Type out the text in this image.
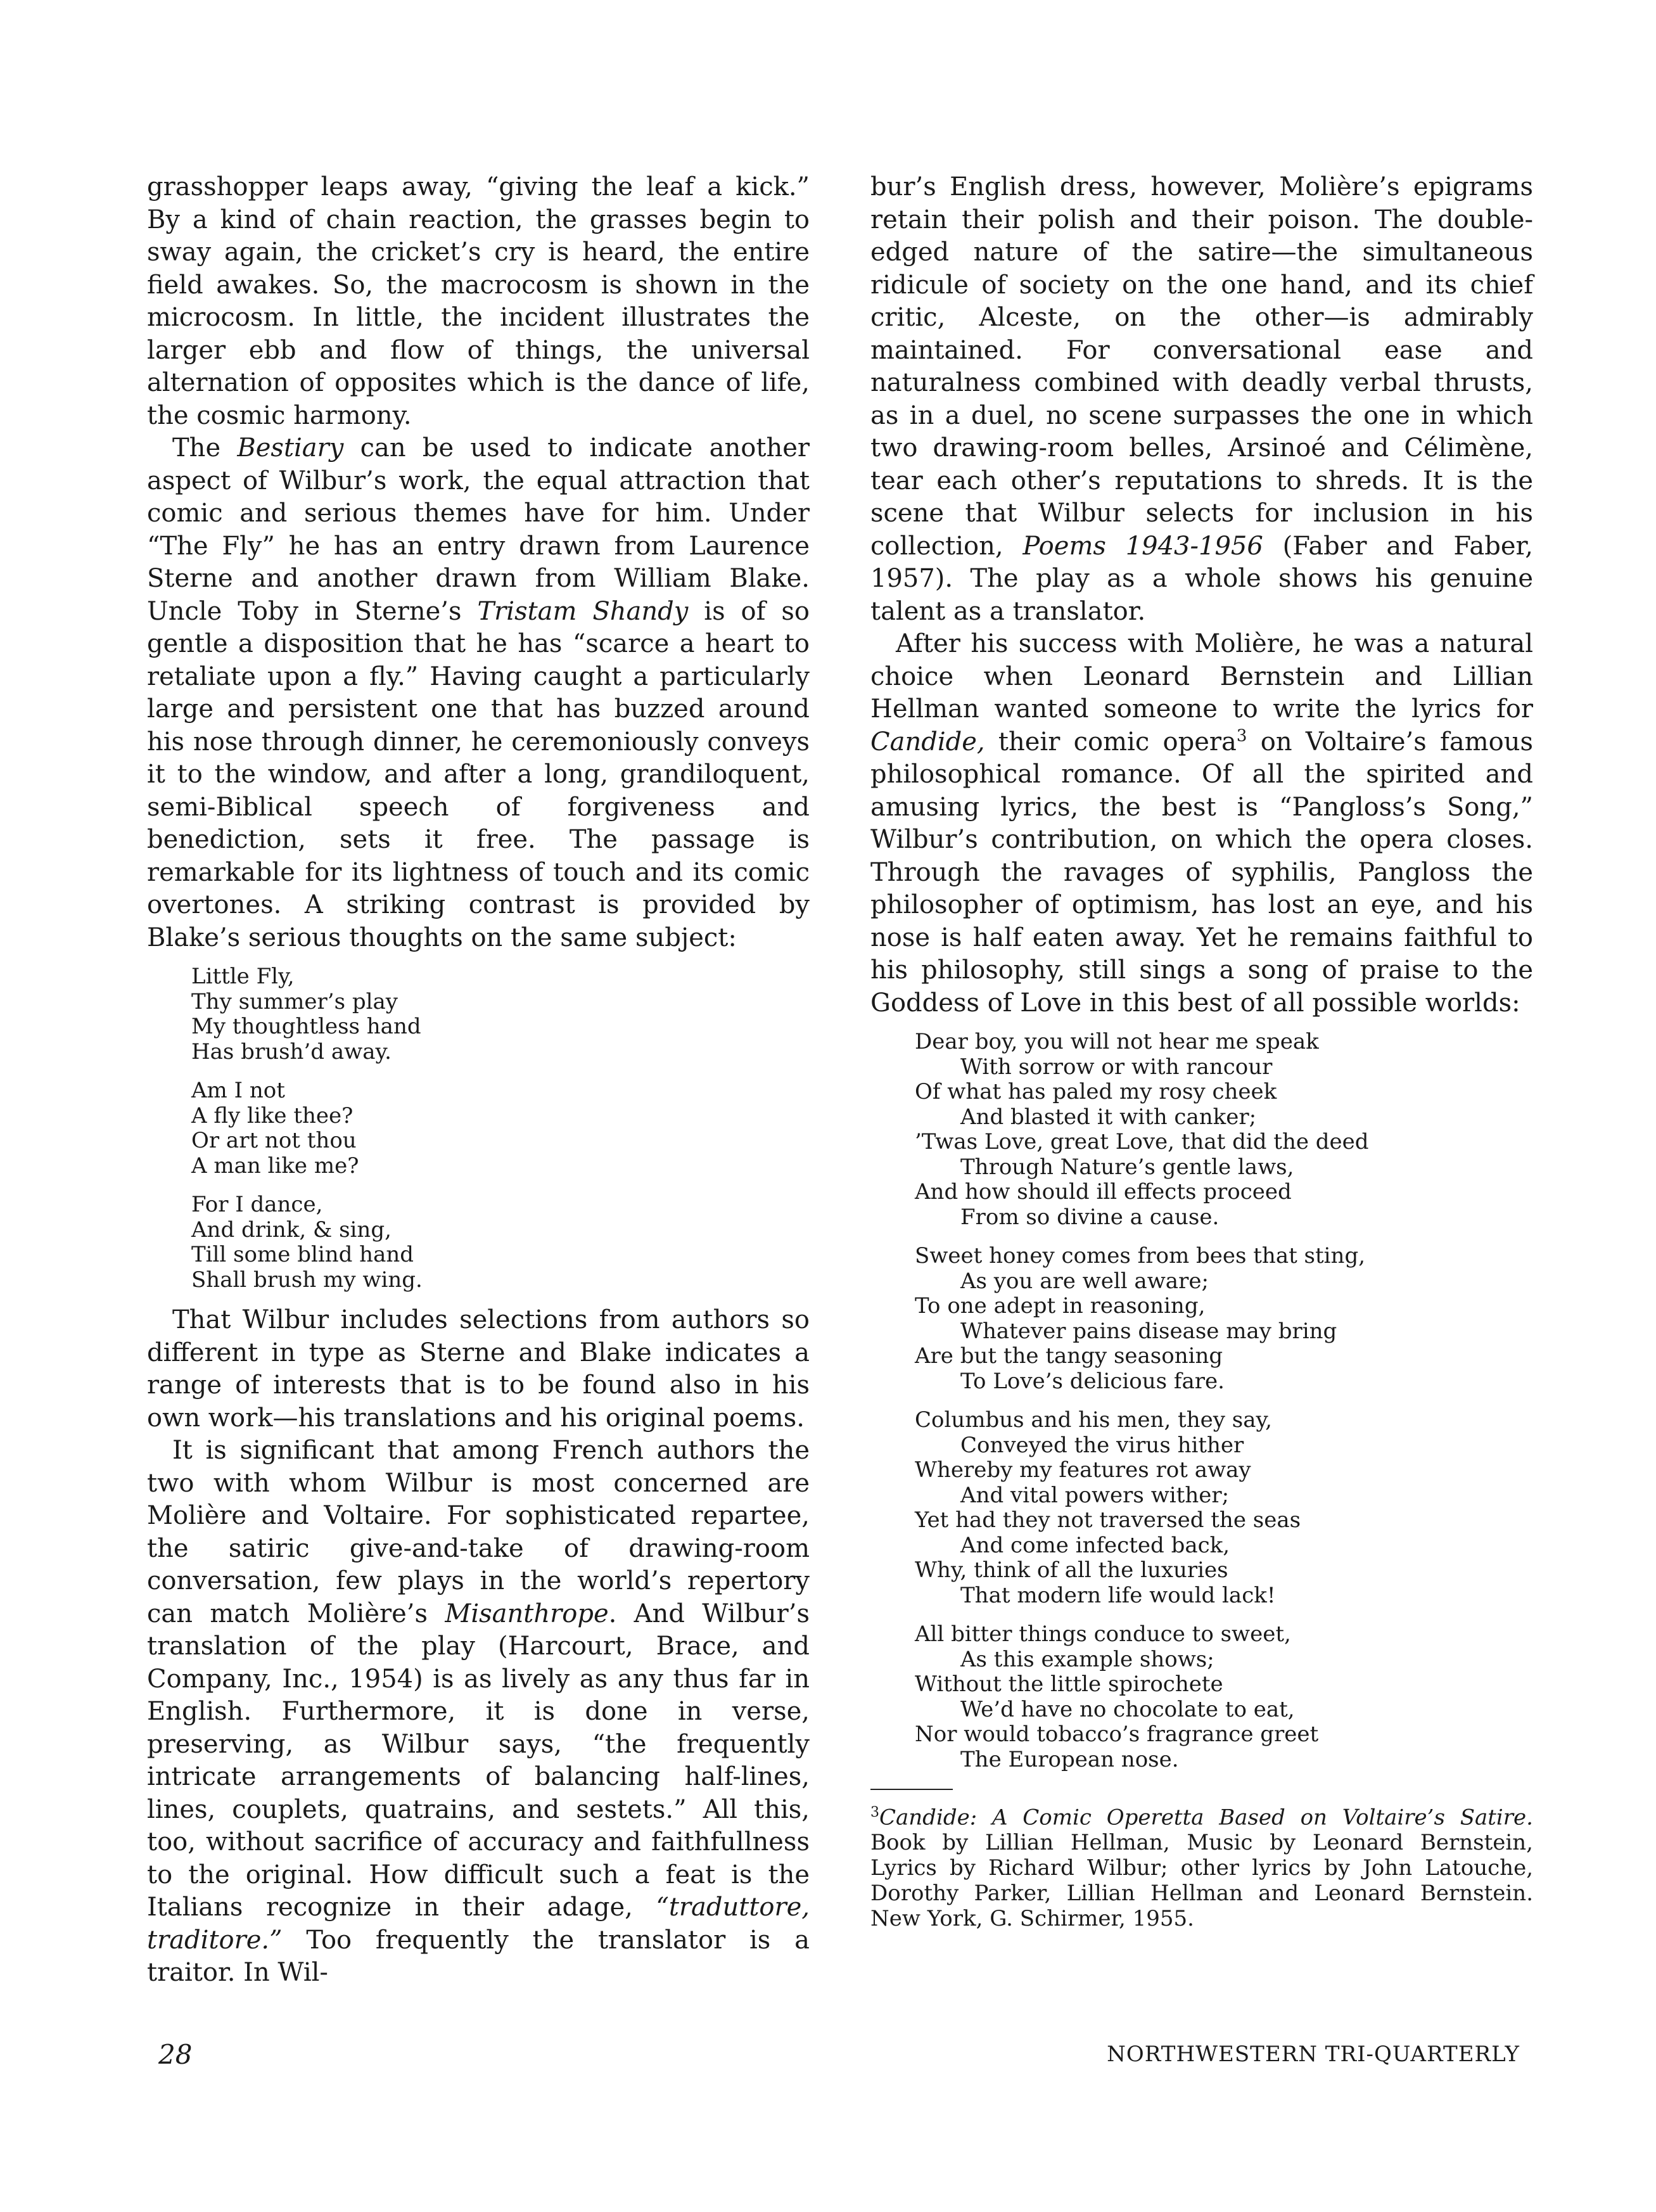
grasshopper leaps away, “giving the leaf a kick.” By a kind of chain reaction, the grasses begin to sway again, the cricket’s cry is heard, the entire field awakes. So, the macrocosm is shown in the microcosm. In little, the incident illustrates the larger ebb and flow of things, the universal alternation of opposites which is the dance of life, the cosmic harmony.

The Bestiary can be used to indicate another aspect of Wilbur’s work, the equal attraction that comic and serious themes have for him. Under “The Fly” he has an entry drawn from Laurence Sterne and another drawn from William Blake. Uncle Toby in Sterne’s Tristam Shandy is of so gentle a disposition that he has “scarce a heart to retaliate upon a fly.” Having caught a particularly large and persistent one that has buzzed around his nose through dinner, he ceremoniously conveys it to the window, and after a long, grandiloquent, semi-Biblical speech of forgiveness and benediction, sets it free. The passage is remarkable for its lightness of touch and its comic overtones. A striking contrast is provided by Blake’s serious thoughts on the same subject:

Little Fly,
Thy summer’s play
My thoughtless hand
Has brush’d away.
Am I not
A fly like thee?
Or art not thou
A man like me?
For I dance,
And drink, & sing,
Till some blind hand
Shall brush my wing.

That Wilbur includes selections from authors so different in type as Sterne and Blake indicates a range of interests that is to be found also in his own work—his translations and his original poems.

It is significant that among French authors the two with whom Wilbur is most concerned are Molière and Voltaire. For sophisticated repartee, the satiric give-and-take of drawing-room conversation, few plays in the world’s repertory can match Molière’s Misanthrope. And Wilbur’s translation of the play (Harcourt, Brace, and Company, Inc., 1954) is as lively as any thus far in English. Furthermore, it is done in verse, preserving, as Wilbur says, “the frequently intricate arrangements of balancing half-lines, lines, couplets, quatrains, and sestets.” All this, too, without sacrifice of accuracy and faithfullness to the original. How difficult such a feat is the Italians recognize in their adage, “traduttore, traditore.” Too frequently the translator is a traitor. In Wil-

bur’s English dress, however, Molière’s epigrams retain their polish and their poison. The double-edged nature of the satire—the simultaneous ridicule of society on the one hand, and its chief critic, Alceste, on the other—is admirably maintained. For conversational ease and naturalness combined with deadly verbal thrusts, as in a duel, no scene surpasses the one in which two drawing-room belles, Arsinoé and Célimène, tear each other’s reputations to shreds. It is the scene that Wilbur selects for inclusion in his collection, Poems 1943-1956 (Faber and Faber, 1957). The play as a whole shows his genuine talent as a translator.

After his success with Molière, he was a natural choice when Leonard Bernstein and Lillian Hellman wanted someone to write the lyrics for Candide, their comic opera$^3$ on Voltaire’s famous philosophical romance. Of all the spirited and amusing lyrics, the best is “Pangloss’s Song,” Wilbur’s contribution, on which the opera closes. Through the ravages of syphilis, Pangloss the philosopher of optimism, has lost an eye, and his nose is half eaten away. Yet he remains faithful to his philosophy, still sings a song of praise to the Goddess of Love in this best of all possible worlds:

Dear boy, you will not hear me speak
With sorrow or with rancour
Of what has paled my rosy cheek
And blasted it with canker;
’Twas Love, great Love, that did the deed
Through Nature’s gentle laws,
And how should ill effects proceed
From so divine a cause.
Sweet honey comes from bees that sting,
As you are well aware;
To one adept in reasoning,
Whatever pains disease may bring
Are but the tangy seasoning
To Love’s delicious fare.
Columbus and his men, they say,
Conveyed the virus hither
Whereby my features rot away
And vital powers wither;
Yet had they not traversed the seas
And come infected back,
Why, think of all the luxuries
That modern life would lack!
All bitter things conduce to sweet,
As this example shows;
Without the little spirochete
We’d have no chocolate to eat,
Nor would tobacco’s fragrance greet
The European nose.

$^3$Candide: A Comic Operetta Based on Voltaire’s Satire. Book by Lillian Hellman, Music by Leonard Bernstein, Lyrics by Richard Wilbur; other lyrics by John Latouche, Dorothy Parker, Lillian Hellman and Leonard Bernstein. New York, G. Schirmer, 1955.

28	NORTHWESTERN TRI-QUARTERLY
